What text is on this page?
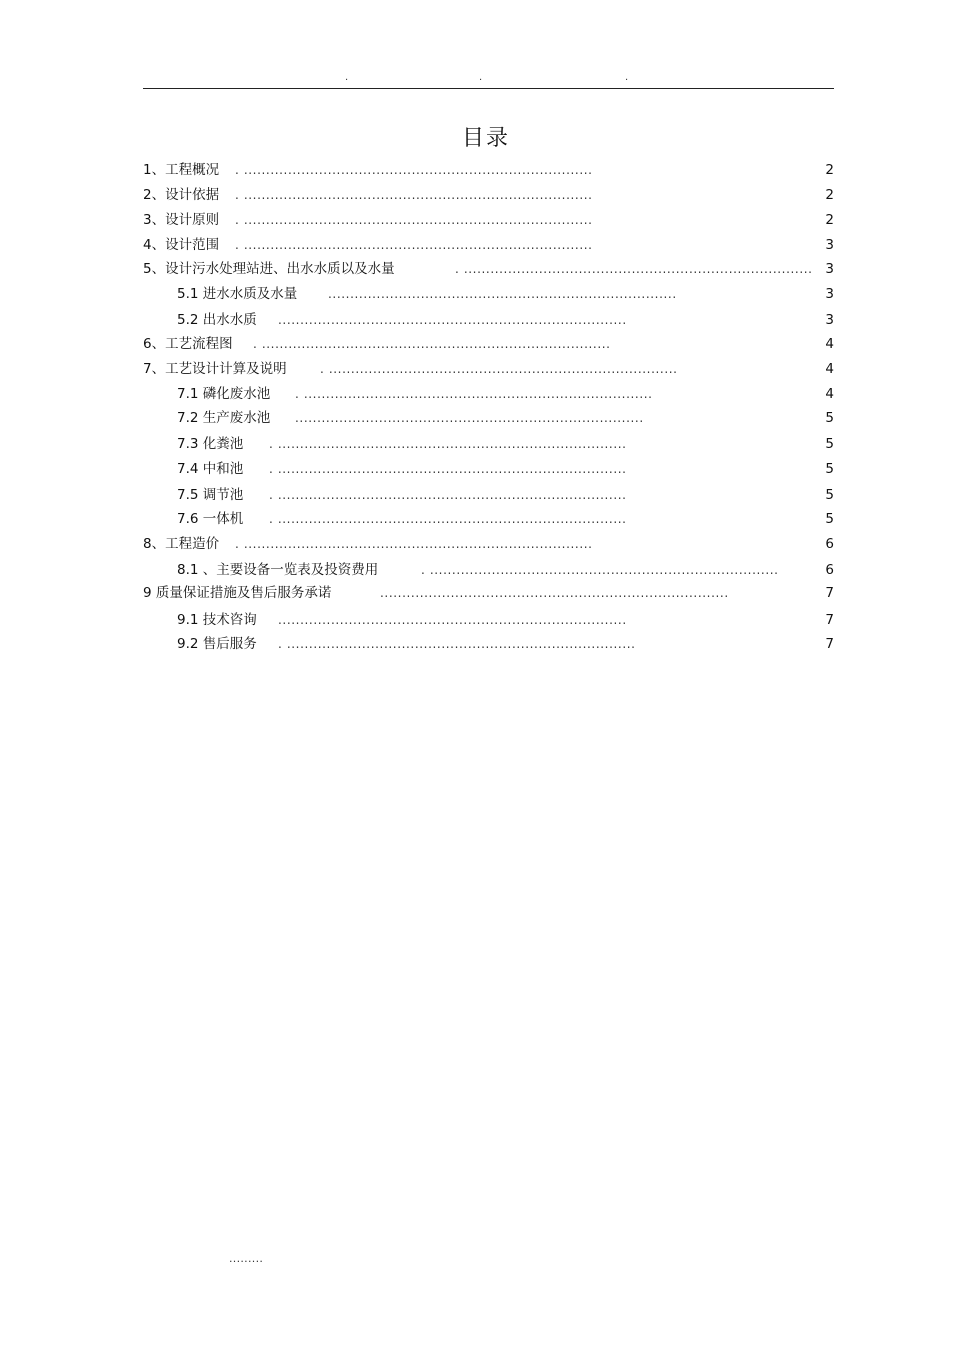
.	.	.
目录
1、工程概况 . ...............................................................................	2
2、设计依据 . ...............................................................................	2
3、设计原则 . ...............................................................................	2
4、设计范围 . ...............................................................................	3
5、设计污水处理站进、出水水质以及水量	. ............................................................................... 3
5.1 进水水质及水量	...............................................................................	3
5.2 出水水质 ...............................................................................	3
6、工艺流程图 . ...............................................................................	4
7、工艺设计计算及说明	. ...............................................................................	4
7.1 磷化废水池 . ...............................................................................	4
7.2 生产废水池 ...............................................................................	5
7.3 化粪池 . ...............................................................................	5
7.4 中和池 . ...............................................................................	5
7.5 调节池 . ...............................................................................	5
7.6 一体机 . ...............................................................................	5
8、工程造价 . ...............................................................................	6
8.1 、主要设备一览表及投资费用	. ...............................................................................	6
9 质量保证措施及售后服务承诺	...............................................................................	7
9.1 技术咨询 ...............................................................................	7
9.2 售后服务 . ...............................................................................	7
.........
